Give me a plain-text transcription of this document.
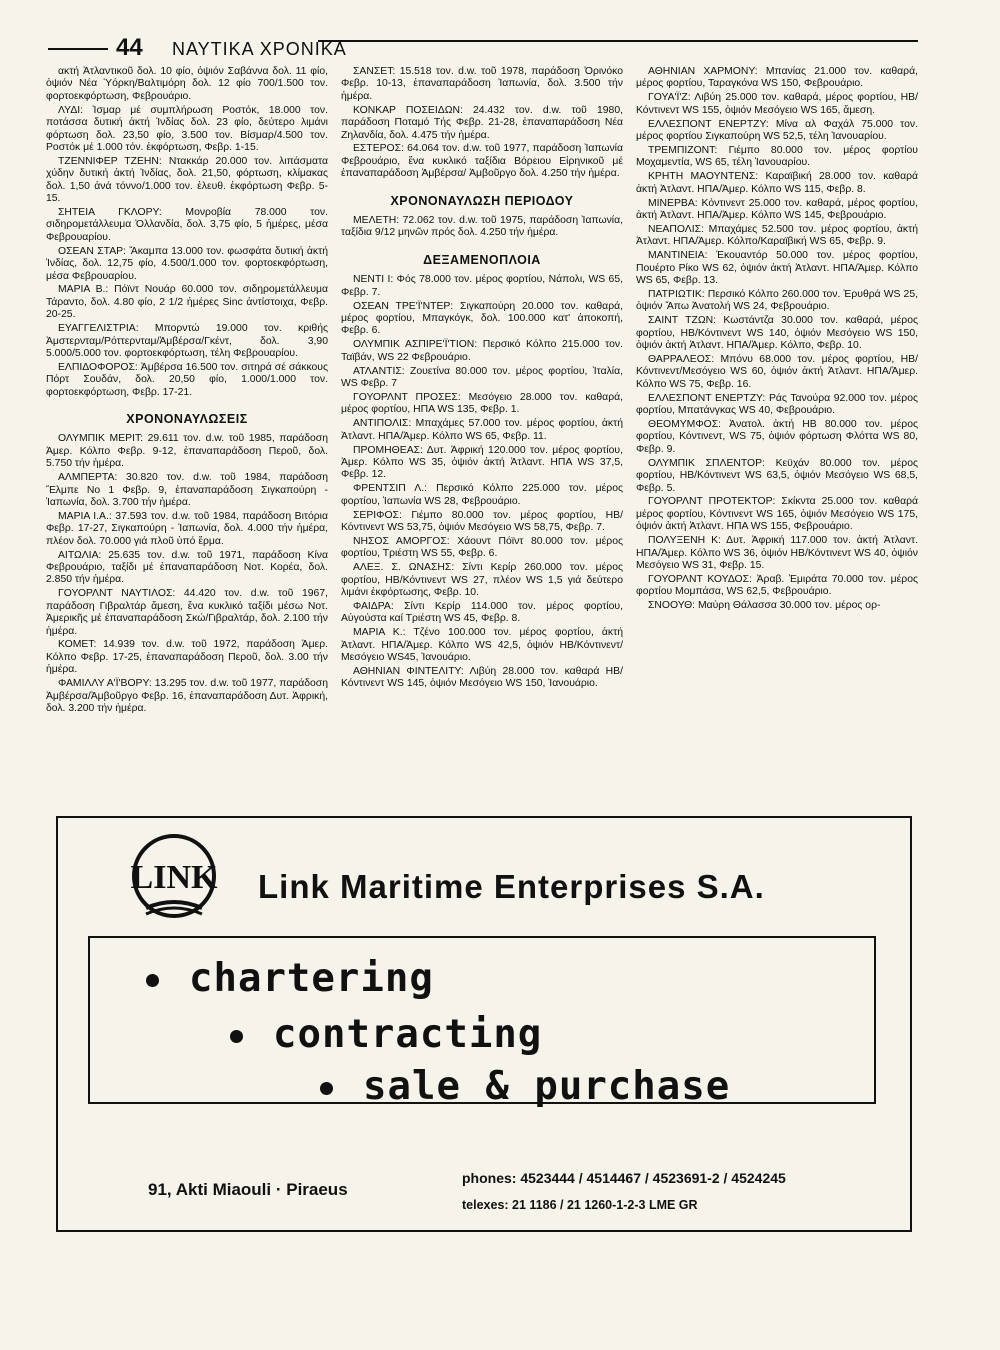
44 ΝΑΥΤΙΚΑ ΧΡΟΝΙΚΑ

ακτή Ἀτλαντικοῦ δολ. 10 φίο, ὀψιόν Σαβάννα δολ. 11 φίο, ὀψιόν Νέα Ὑόρκη/Βαλτιμόρη δολ. 12 φίο 700/1.500 τον. φορτοεκφόρτωση, Φεβρουάριο.

ΛΥΔΙ: Ἰσμαρ μέ συμπλήρωση Ροστόκ, 18.000 τον. ποτάσσα δυτική ἀκτή Ἰνδίας δολ. 23 φίο, δεύτερο λιμάνι φόρτωση δολ. 23,50 φίο, 3.500 τον. Βίσμαρ/4.500 τον. Ροστόκ μέ 1.000 τόν. ἐκφόρτωση, Φεβρ. 1-15.

ΤΖΕΝΝΙΦΕΡ ΤΖΕΗΝ: Ντακκάρ 20.000 τον. λιπάσματα χύδην δυτική ἀκτή Ἰνδίας, δολ. 21,50, φόρτωση, κλίμακας δολ. 1,50 ἀνά τόννο/1.000 τον. ἐλευθ. ἐκφόρτωση Φεβρ. 5-15.

ΣΗΤΕΙΑ ΓΚΛΟΡΥ: Μονροβία 78.000 τον. σιδηρομετάλλευμα Ὁλλανδία, δολ. 3,75 φίο, 5 ἡμέρες, μέσα Φεβρουαρίου.

ΟΣΕΑΝ ΣΤΑΡ: Ἄκαμπα 13.000 τον. φωσφάτα δυτική ἀκτή Ἰνδίας, δολ. 12,75 φίο, 4.500/1.000 τον. φορτοεκφόρτωση, μέσα Φεβρουαρίου.

ΜΑΡΙΑ Β.: Πόϊντ Νουάρ 60.000 τον. σιδηρομετάλλευμα Τάραντο, δολ. 4.80 φίο, 2 1/2 ἡμέρες Sinc ἀντίστοιχα, Φεβρ. 20-25.

ΕΥΑΓΓΕΛΙΣΤΡΙΑ: Μπορντώ 19.000 τον. κριθής Ἀμστερνταμ/Ρόττερνταμ/Ἀμβέρσα/Γκέντ, δολ. 3,90 5.000/5.000 τον. φορτοεκφόρτωση, τέλη Φεβρουαρίου.

ΕΛΠΙΔΟΦΟΡΟΣ: Ἀμβέρσα 16.500 τον. σιτηρά σέ σάκκους Πόρτ Σουδάν, δολ. 20,50 φίο, 1.000/1.000 τον. φορτοεκφόρτωση, Φεβρ. 17-21.

ΧΡΟΝΟΝΑΥΛΩΣΕΙΣ

ΟΛΥΜΠΙΚ ΜΕΡΙΤ: 29.611 τον. d.w. τοῦ 1985, παράδοση Ἀμερ. Κόλπο Φεβρ. 9-12, ἐπαναπαράδοση Περοῦ, δολ. 5.750 τήν ἡμέρα.

ΑΛΜΠΕΡΤΑ: 30.820 τον. d.w. τοῦ 1984, παράδοση Ἔλμπε Νο 1 Φεβρ. 9, ἐπαναπαράδοση Σιγκαπούρη - Ἰαπωνία, δολ. 3.700 τήν ἡμέρα.

ΜΑΡΙΑ Ι.Α.: 37.593 τον. d.w. τοῦ 1984, παράδοση Βιτόρια Φεβρ. 17-27, Σιγκαπούρη - Ἰαπωνία, δολ. 4.000 τήν ἡμέρα, πλέον δολ. 70.000 γιά πλοῦ ὑπό ἔρμα.

ΑΙΤΩΛΙΑ: 25.635 τον. d.w. τοῦ 1971, παράδοση Κίνα Φεβρουάριο, ταξίδι μέ ἐπαναπαράδοση Νοτ. Κορέα, δολ. 2.850 τήν ἡμέρα.

ΓΟΥΟΡΛΝΤ ΝΑΥΤΙΛΟΣ: 44.420 τον. d.w. τοῦ 1967, παράδοση Γιβραλτάρ ἄμεση, ἕνα κυκλικό ταξίδι μέσω Νοτ. Ἀμερικῆς μέ ἐπαναπαράδοση Σκώ/Γιβραλτάρ, δολ. 2.100 τήν ἡμέρα.

ΚΟΜΕΤ: 14.939 τον. d.w. τοῦ 1972, παράδοση Ἀμερ. Κόλπο Φεβρ. 17-25, ἐπαναπαράδοση Περοῦ, δολ. 3.00 τήν ἡμέρα.

ΦΑΜΙΛΛΥ Α'Ϊ'ΒΟΡΥ: 13.295 τον. d.w. τοῦ 1977, παράδοση Ἀμβέρσα/Ἀμβοῦργο Φεβρ. 16, ἐπαναπαράδοση Δυτ. Ἀφρική, δολ. 3.200 τήν ἡμέρα.

ΣΑΝΣΕΤ: 15.518 τον. d.w. τοῦ 1978, παράδοση Ὀρινόκο Φεβρ. 10-13, ἐπαναπαράδοση Ἰαπωνία, δολ. 3.500 τήν ἡμέρα.

ΚΟΝΚΑΡ ΠΟΣΕΙΔΩΝ: 24.432 τον. d.w. τοῦ 1980, παράδοση Ποταμό Τής Φεβρ. 21-28, ἐπαναπαράδοση Νέα Ζηλανδία, δολ. 4.475 τήν ἡμέρα.

ΕΣΤΕΡΟΣ: 64.064 τον. d.w. τοῦ 1977, παράδοση Ἰαπωνία Φεβρουάριο, ἕνα κυκλικό ταξίδια Βόρειου Εἰρηνικοῦ μέ ἐπαναπαράδοση Ἀμβέρσα/ Ἀμβοῦργο δολ. 4.250 τήν ἡμέρα.

ΧΡΟΝΟΝΑΥΛΩΣΗ ΠΕΡΙΟΔΟΥ

ΜΕΛΕΤΗ: 72.062 τον. d.w. τοῦ 1975, παράδοση Ἰαπωνία, ταξίδια 9/12 μηνῶν πρός δολ. 4.250 τήν ἡμέρα.

ΔΕΞΑΜΕΝΟΠΛΟΙΑ

ΝΕΝΤΙ Ι: Φός 78.000 τον. μέρος φορτίου, Νάπολι, WS 65, Φεβρ. 7.

ΟΣΕΑΝ ΤΡΕ'Ϊ'ΝΤΕΡ: Σιγκαπούρη 20.000 τον. καθαρά, μέρος φορτίου, Μπαγκόγκ, δολ. 100.000 κατ' ἀποκοπή, Φεβρ. 6.

ΟΛΥΜΠΙΚ ΑΣΠΙΡΕ'Ϊ'ΤΙΟΝ: Περσικό Κόλπο 215.000 τον. Ταϊβάν, WS 22 Φεβρουάριο.

ΑΤΛΑΝΤΙΣ: Ζουετίνα 80.000 τον. μέρος φορτίου, Ἰταλία, WS Φεβρ. 7

ΓΟΥΟΡΛΝΤ ΠΡΟΣΕΣ: Μεσόγειο 28.000 τον. καθαρά, μέρος φορτίου, ΗΠΑ WS 135, Φεβρ. 1.

ΑΝΤΙΠΟΛΙΣ: Μπαχάμες 57.000 τον. μέρος φορτίου, ἀκτή Ἀτλαντ. ΗΠΑ/Ἀμερ. Κόλπο WS 65, Φεβρ. 11.

ΠΡΟΜΗΘΕΑΣ: Δυτ. Ἀφρική 120.000 τον. μέρος φορτίου, Ἀμερ. Κόλπο WS 35, ὀψιόν ἀκτή Ἀτλαντ. ΗΠΑ WS 37,5, Φεβρ. 12.

ΦΡΕΝΤΣΙΠ Λ.: Περσικό Κόλπο 225.000 τον. μέρος φορτίου, Ἰαπωνία WS 28, Φεβρουάριο.

ΣΕΡΙΦΟΣ: Γιέμπο 80.000 τον. μέρος φορτίου, ΗΒ/Κόντινεντ WS 53,75, ὀψιόν Μεσόγειο WS 58,75, Φεβρ. 7.

ΝΗΣΟΣ ΑΜΟΡΓΟΣ: Χάουντ Πόϊντ 80.000 τον. μέρος φορτίου, Τριέστη WS 55, Φεβρ. 6.

ΑΛΕΞ. Σ. ΩΝΑΣΗΣ: Σίντι Κερίρ 260.000 τον. μέρος φορτίου, ΗΒ/Κόντινεντ WS 27, πλέον WS 1,5 γιά δεύτερο λιμάνι ἐκφόρτωσης, Φεβρ. 10.

ΦΑΙΔΡΑ: Σίντι Κερίρ 114.000 τον. μέρος φορτίου, Αὐγούστα καί Τριέστη WS 45, Φεβρ. 8.

ΜΑΡΙΑ Κ.: Τζένο 100.000 τον. μέρος φορτίου, ἀκτή Ἀτλαντ. ΗΠΑ/Ἀμερ. Κόλπο WS 42,5, ὀψιόν ΗΒ/Κόντινεντ/Μεσόγειο WS45, Ἰανουάριο.

ΑΘΗΝΙΑΝ ΦΙΝΤΕΛΙΤΥ: Λιβύη 28.000 τον. καθαρά ΗΒ/Κόντινεντ WS 145, ὀψιόν Μεσόγειο WS 150, Ἰανουάριο.

ΑΘΗΝΙΑΝ ΧΑΡΜΟΝΥ: Μπανίας 21.000 τον. καθαρά, μέρος φορτίου, Ταραγκόνα WS 150, Φεβρουάριο.

ΓΟΥΑ'Ϊ'Ζ: Λιβύη 25.000 τον. καθαρά, μέρος φορτίου, ΗΒ/Κόντινεντ WS 155, ὀψιόν Μεσόγειο WS 165, ἄμεση.

ΕΛΛΕΣΠΟΝΤ ΕΝΕΡΤΖΥ: Μίνα αλ Φαχάλ 75.000 τον. μέρος φορτίου Σιγκαπούρη WS 52,5, τέλη Ἰανουαρίου.

ΤΡΕΜΠΙΖΟΝΤ: Γιέμπο 80.000 τον. μέρος φορτίου Μοχαμεντία, WS 65, τέλη Ἰανουαρίου.

ΚΡΗΤΗ ΜΑΟΥΝΤΕΝΣ: Καραϊβική 28.000 τον. καθαρά ἀκτή Ἀτλαντ. ΗΠΑ/Ἀμερ. Κόλπο WS 115, Φεβρ. 8.

ΜΙΝΕΡΒΑ: Κόντινεντ 25.000 τον. καθαρά, μέρος φορτίου, ἀκτή Ἀτλαντ. ΗΠΑ/Ἀμερ. Κόλπο WS 145, Φεβρουάριο.

ΝΕΑΠΟΛΙΣ: Μπαχάμες 52.500 τον. μέρος φορτίου, ἀκτή Ἀτλαντ. ΗΠΑ/Ἀμερ. Κόλπο/Καραϊβική WS 65, Φεβρ. 9.

ΜΑΝΤΙΝΕΙΑ: Ἐκουαντόρ 50.000 τον. μέρος φορτίου, Πουέρτο Ρίκο WS 62, ὀψιόν ἀκτή Ἀτλαντ. ΗΠΑ/Ἀμερ. Κόλπο WS 65, Φεβρ. 13.

ΠΑΤΡΙΩΤΙΚ: Περσικό Κόλπο 260.000 τον. Ἐρυθρά WS 25, ὀψιόν Ἄπω Ἀνατολή WS 24, Φεβρουάριο.

ΣΑΙΝΤ ΤΖΩΝ: Κωστάντζα 30.000 τον. καθαρά, μέρος φορτίου, ΗΒ/Κόντινεντ WS 140, ὀψιόν Μεσόγειο WS 150, ὀψιόν ἀκτή Ἀτλαντ. ΗΠΑ/Ἀμερ. Κόλπο, Φεβρ. 10.

ΘΑΡΡΑΛΕΟΣ: Μπόνυ 68.000 τον. μέρος φορτίου, ΗΒ/Κόντινεντ/Μεσόγειο WS 60, ὀψιόν ἀκτή Ἀτλαντ. ΗΠΑ/Ἀμερ. Κόλπο WS 75, Φεβρ. 16.

ΕΛΛΕΣΠΟΝΤ ΕΝΕΡΤΖΥ: Ράς Τανούρα 92.000 τον. μέρος φορτίου, Μπατάνγκας WS 40, Φεβρουάριο.

ΘΕΟΜΥΜΦΟΣ: Ἀνατολ. ἀκτή ΗΒ 80.000 τον. μέρος φορτίου, Κόντινεντ, WS 75, ὀψιόν φόρτωση Φλόττα WS 80, Φεβρ. 9.

ΟΛΥΜΠΙΚ ΣΠΛΕΝΤΟΡ: Κεϋχάν 80.000 τον. μέρος φορτίου, ΗΒ/Κόντινεντ WS 63,5, ὀψιόν Μεσόγειο WS 68,5, Φεβρ. 5.

ΓΟΥΟΡΛΝΤ ΠΡΟΤΕΚΤΟΡ: Σκίκντα 25.000 τον. καθαρά μέρος φορτίου, Κόντινεντ WS 165, ὀψιόν Μεσόγειο WS 175, ὀψιόν ἀκτή Ἀτλαντ. ΗΠΑ WS 155, Φεβρουάριο.

ΠΟΛΥΞΕΝΗ Κ: Δυτ. Ἀφρική 117.000 τον. ἀκτή Ἀτλαντ. ΗΠΑ/Ἀμερ. Κόλπο WS 36, ὀψιόν ΗΒ/Κόντινεντ WS 40, ὀψιόν Μεσόγειο WS 31, Φεβρ. 15.

ΓΟΥΟΡΛΝΤ ΚΟΥΔΟΣ: Ἀραβ. Ἐμιράτα 70.000 τον. μέρος φορτίου Μομπάσα, WS 62,5, Φεβρουάριο.

ΣΝΟΟΥΘ: Μαύρη Θάλασσα 30.000 τον. μέρος ορ-

LINK Link Maritime Enterprises S.A.
chartering
contracting
sale & purchase
91, Akti Miaouli · Piraeus
phones: 4523444 / 4514467 / 4523691-2 / 4524245
telexes: 21 1186 / 21 1260-1-2-3 LME GR
